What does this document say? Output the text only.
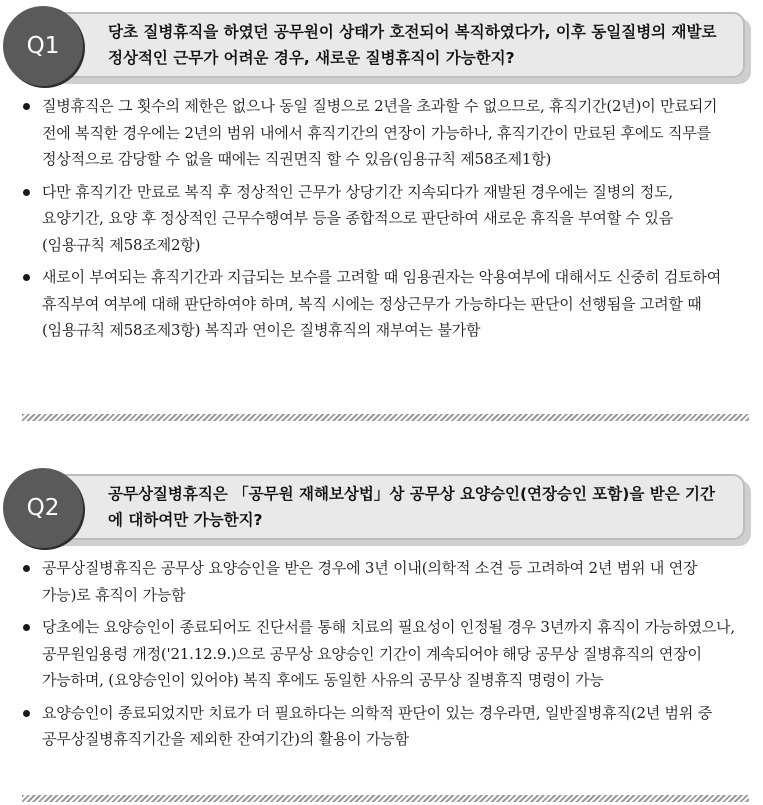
Q1
당초 질병휴직을 하였던 공무원이 상태가 호전되어 복직하였다가, 이후 동일질병의 재발로 정상적인 근무가 어려운 경우, 새로운 질병휴직이 가능한지?
질병휴직은 그 횟수의 제한은 없으나 동일 질병으로 2년을 초과할 수 없으므로, 휴직기간(2년)이 만료되기 전에 복직한 경우에는 2년의 범위 내에서 휴직기간의 연장이 가능하나, 휴직기간이 만료된 후에도 직무를 정상적으로 감당할 수 없을 때에는 직권면직 할 수 있음(임용규칙 제58조제1항)
다만 휴직기간 만료로 복직 후 정상적인 근무가 상당기간 지속되다가 재발된 경우에는 질병의 정도, 요양기간, 요양 후 정상적인 근무수행여부 등을 종합적으로 판단하여 새로운 휴직을 부여할 수 있음(임용규칙 제58조제2항)
새로이 부여되는 휴직기간과 지급되는 보수를 고려할 때 임용권자는 악용여부에 대해서도 신중히 검토하여 휴직부여 여부에 대해 판단하여야 하며, 복직 시에는 정상근무가 가능하다는 판단이 선행됨을 고려할 때(임용규칙 제58조제3항) 복직과 연이은 질병휴직의 재부여는 불가함
Q2
공무상질병휴직은 「공무원 재해보상법」상 공무상 요양승인(연장승인 포함)을 받은 기간에 대하여만 가능한지?
공무상질병휴직은 공무상 요양승인을 받은 경우에 3년 이내(의학적 소견 등 고려하여 2년 범위 내 연장 가능)로 휴직이 가능함
당초에는 요양승인이 종료되어도 진단서를 통해 치료의 필요성이 인정될 경우 3년까지 휴직이 가능하였으나, 공무원임용령 개정('21.12.9.)으로 공무상 요양승인 기간이 계속되어야 해당 공무상 질병휴직의 연장이 가능하며, (요양승인이 있어야) 복직 후에도 동일한 사유의 공무상 질병휴직 명령이 가능
요양승인이 종료되었지만 치료가 더 필요하다는 의학적 판단이 있는 경우라면, 일반질병휴직(2년 범위 중 공무상질병휴직기간을 제외한 잔여기간)의 활용이 가능함
